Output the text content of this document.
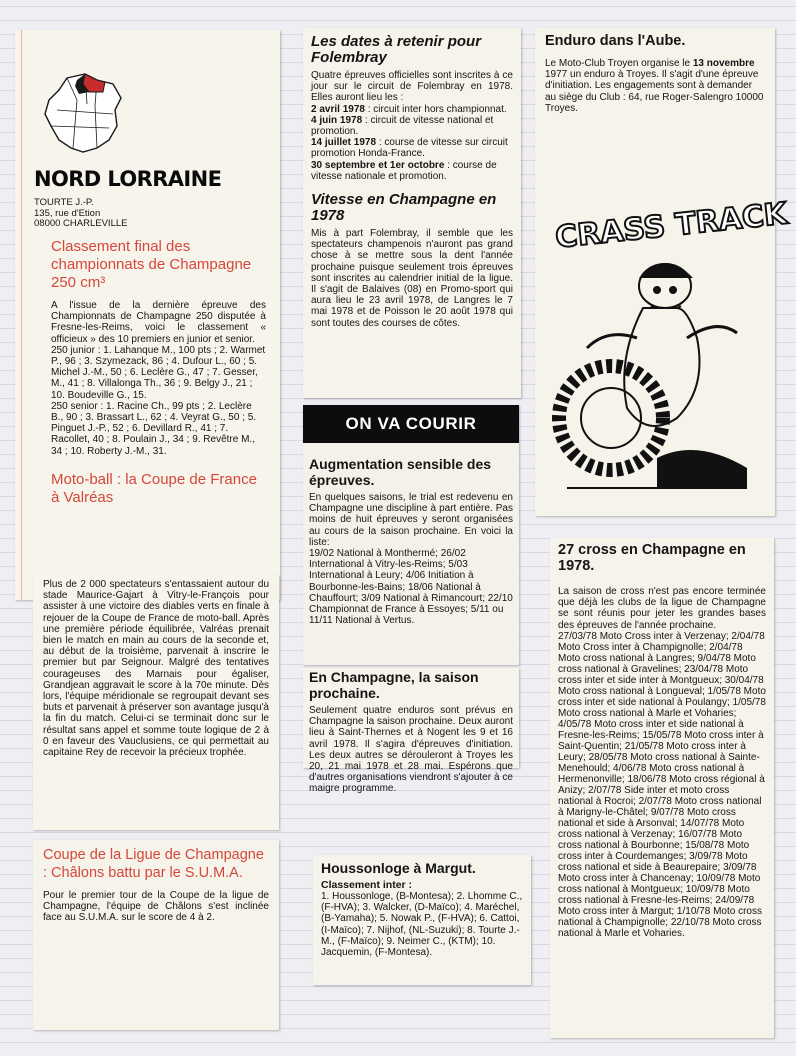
NORD LORRAINE
TOURTE J.-P.
135, rue d'Etion
08000 CHARLEVILLE
Classement final des championnats de Champagne 250 cm³

A l'issue de la dernière épreuve des Championnats de Champagne 250 disputée à Fresne-les-Reims, voici le classement « officieux » des 10 premiers en junior et senior.

250 junior : 1. Lahanque M., 100 pts ; 2. Warmet P., 96 ; 3. Szymezack, 86 ; 4. Dufour L., 60 ; 5. Michel J.-M., 50 ; 6. Leclère G., 47 ; 7. Gesser, M., 41 ; 8. Villalonga Th., 36 ; 9. Belgy J., 21 ; 10. Boudeville G., 15.

250 senior : 1. Racine Ch., 99 pts ; 2. Leclère B., 90 ; 3. Brassart L., 62 ; 4. Veyrat G., 50 ; 5. Pinguet J.-P., 52 ; 6. Devillard R., 41 ; 7. Racollet, 40 ; 8. Poulain J., 34 ; 9. Revêtre M., 34 ; 10. Roberty J.-M., 31.

Moto-ball : la Coupe de France à Valréas

Plus de 2 000 spectateurs s'entassaient autour du stade Maurice-Gajart à Vitry-le-François pour assister à une victoire des diables verts en finale à rejouer de la Coupe de France de moto-ball. Après une première période équilibrée, Valréas prenait bien le match en main au cours de la seconde et, au début de la troisième, parvenait à inscrire le premier but par Seignour. Malgré des tentatives courageuses des Marnais pour égaliser, Grandjean aggravait le score à la 70e minute. Dès lors, l'équipe méridionale se regroupait devant ses buts et parvenait à préserver son avantage jusqu'à la fin du match. Celui-ci se terminait donc sur le résultat sans appel et somme toute logique de 2 à 0 en faveur des Vauclusiens, ce qui permettait au capitaine Rey de recevoir la précieux trophée.

Coupe de la Ligue de Champagne : Châlons battu par le S.U.M.A.

Pour le premier tour de la Coupe de la ligue de Champagne, l'équipe de Châlons s'est inclinée face au S.U.M.A. sur le score de 4 à 2.

Les dates à retenir pour Folembray

Quatre épreuves officielles sont inscrites à ce jour sur le circuit de Folembray en 1978. Elles auront lieu les :

2 avril 1978 : circuit inter hors championnat.
4 juin 1978 : circuit de vitesse national et promotion.
14 juillet 1978 : course de vitesse sur circuit promotion Honda-France.
30 septembre et 1er octobre : course de vitesse nationale et promotion.
Vitesse en Champagne en 1978

Mis à part Folembray, il semble que les spectateurs champenois n'auront pas grand chose à se mettre sous la dent l'année prochaine puisque seulement trois épreuves sont inscrites au calendrier initial de la ligue. Il s'agit de Balaives (08) en Promo-sport qui aura lieu le 23 avril 1978, de Langres le 7 mai 1978 et de Poisson le 20 août 1978 qui sont toutes des courses de côtes.

ON VA COURIR
Augmentation sensible des épreuves.

En quelques saisons, le trial est redevenu en Champagne une discipline à part entière. Pas moins de huit épreuves y seront organisées au cours de la saison prochaine. En voici la liste:

19/02 National à Monthermé; 26/02 International à Vitry-les-Reims; 5/03 International à Leury; 4/06 Initiation à Bourbonne-les-Bains; 18/06 National à Chauffourt; 3/09 National à Rimancourt; 22/10 Championnat de France à Essoyes; 5/11 ou 11/11 National à Vertus.

En Champagne, la saison prochaine.

Seulement quatre enduros sont prévus en Champagne la saison prochaine. Deux auront lieu à Saint-Thernes et à Nogent les 9 et 16 avril 1978. Il s'agira d'épreuves d'initiation. Les deux autres se dérouleront à Troyes les 20, 21 mai 1978 et 28 mai. Espérons que d'autres organisations viendront s'ajouter à ce maigre programme.

Houssonloge à Margut.
Classement inter :

1. Houssonloge, (B-Montesa); 2. Lhomme C., (F-HVA); 3. Walcker, (D-Maïco); 4. Maréchel, (B-Yamaha); 5. Nowak P., (F-HVA); 6. Cattoi, (I-Maïco); 7. Nijhof, (NL-Suzuki); 8. Tourte J.-M., (F-Maïco); 9. Neimer C., (KTM); 10. Jacquemin, (F-Montesa).

Enduro dans l'Aube.

Le Moto-Club Troyen organise le 13 novembre 1977 un enduro à Troyes. Il s'agit d'une épreuve d'initiation. Les engagements sont à demander au siège du Club : 64, rue Roger-Salengro 10000 Troyes.

CRASS TRACK
27 cross en Champagne en 1978.

La saison de cross n'est pas encore terminée que déjà les clubs de la ligue de Champagne se sont réunis pour jeter les grandes bases des épreuves de l'année prochaine.

27/03/78 Moto Cross inter à Verzenay; 2/04/78 Moto Cross inter à Champignolle; 2/04/78 Moto cross national à Langres; 9/04/78 Moto cross national à Gravelines; 23/04/78 Moto cross inter et side inter à Montgueux; 30/04/78 Moto cross national à Longueval; 1/05/78 Moto cross inter et side national à Poulangy; 1/05/78 Moto cross national à Marle et Voharies; 4/05/78 Moto cross inter et side national à Fresne-les-Reims; 15/05/78 Moto cross inter à Saint-Quentin; 21/05/78 Moto cross inter à Leury; 28/05/78 Moto cross national à Sainte-Menehould; 4/06/78 Moto cross national à Hermenonville; 18/06/78 Moto cross régional à Anizy; 2/07/78 Side inter et moto cross national à Rocroi; 2/07/78 Moto cross national à Marigny-le-Châtel; 9/07/78 Moto cross national et side à Arsonval; 14/07/78 Moto cross national à Verzenay; 16/07/78 Moto cross national à Bourbonne; 15/08/78 Moto cross inter à Courdemanges; 3/09/78 Moto cross national et side à Beaurepaire; 3/09/78 Moto cross inter à Chancenay; 10/09/78 Moto cross national à Montgueux; 10/09/78 Moto cross national à Fresne-les-Reims; 24/09/78 Moto cross inter à Margut; 1/10/78 Moto cross national à Champignolle; 22/10/78 Moto cross national à Marle et Voharies.
